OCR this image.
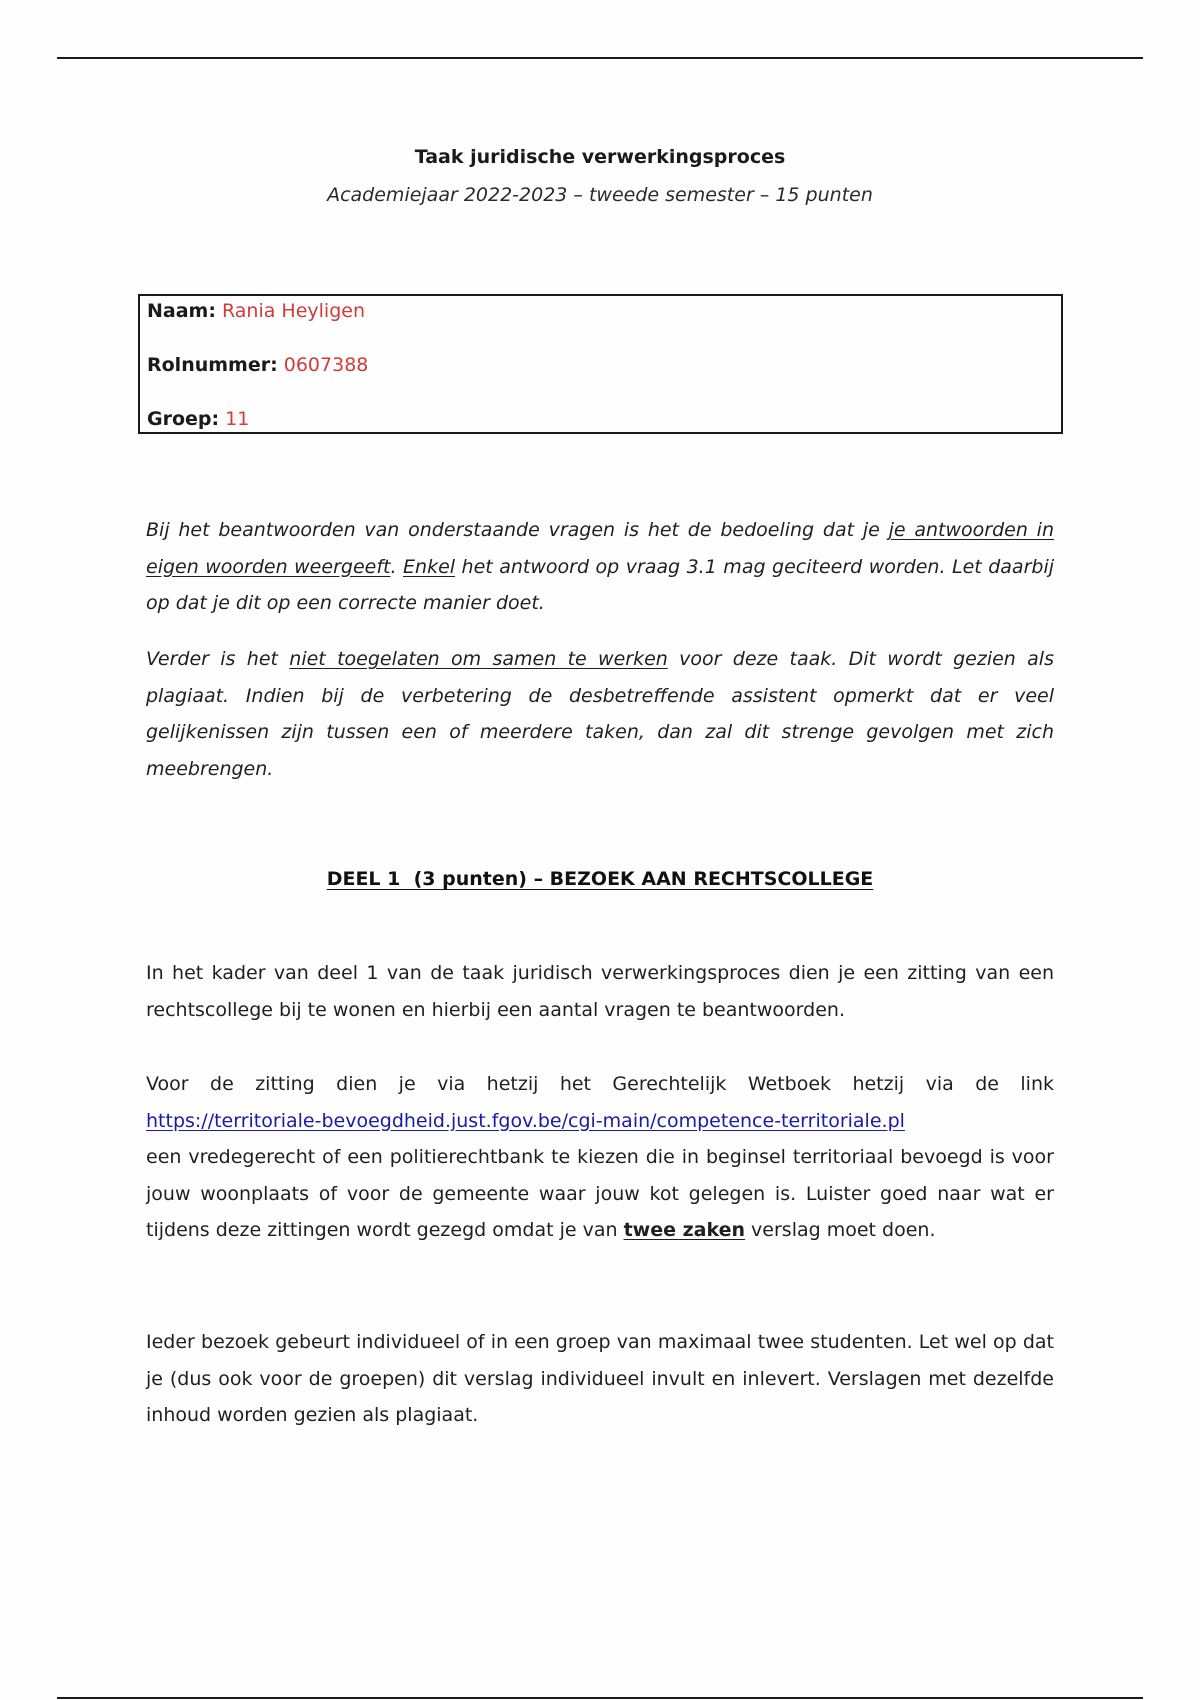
Taak juridische verwerkingsproces
Academiejaar 2022-2023 – tweede semester – 15 punten
Naam: Rania Heyligen
Rolnummer: 0607388
Groep: 11
Bij het beantwoorden van onderstaande vragen is het de bedoeling dat je je antwoorden in eigen woorden weergeeft. Enkel het antwoord op vraag 3.1 mag geciteerd worden. Let daarbij op dat je dit op een correcte manier doet.
Verder is het niet toegelaten om samen te werken voor deze taak. Dit wordt gezien als plagiaat. Indien bij de verbetering de desbetreffende assistent opmerkt dat er veel gelijkenissen zijn tussen een of meerdere taken, dan zal dit strenge gevolgen met zich meebrengen.
DEEL 1  (3 punten) – BEZOEK AAN RECHTSCOLLEGE
In het kader van deel 1 van de taak juridisch verwerkingsproces dien je een zitting van een rechtscollege bij te wonen en hierbij een aantal vragen te beantwoorden.
Voor de zitting dien je via hetzij het Gerechtelijk Wetboek hetzij via de link
https://territoriale-bevoegdheid.just.fgov.be/cgi-main/competence-territoriale.pl
een vredegerecht of een politierechtbank te kiezen die in beginsel territoriaal bevoegd is voor jouw woonplaats of voor de gemeente waar jouw kot gelegen is. Luister goed naar wat er tijdens deze zittingen wordt gezegd omdat je van twee zaken verslag moet doen.
Ieder bezoek gebeurt individueel of in een groep van maximaal twee studenten. Let wel op dat je (dus ook voor de groepen) dit verslag individueel invult en inlevert. Verslagen met dezelfde inhoud worden gezien als plagiaat.
